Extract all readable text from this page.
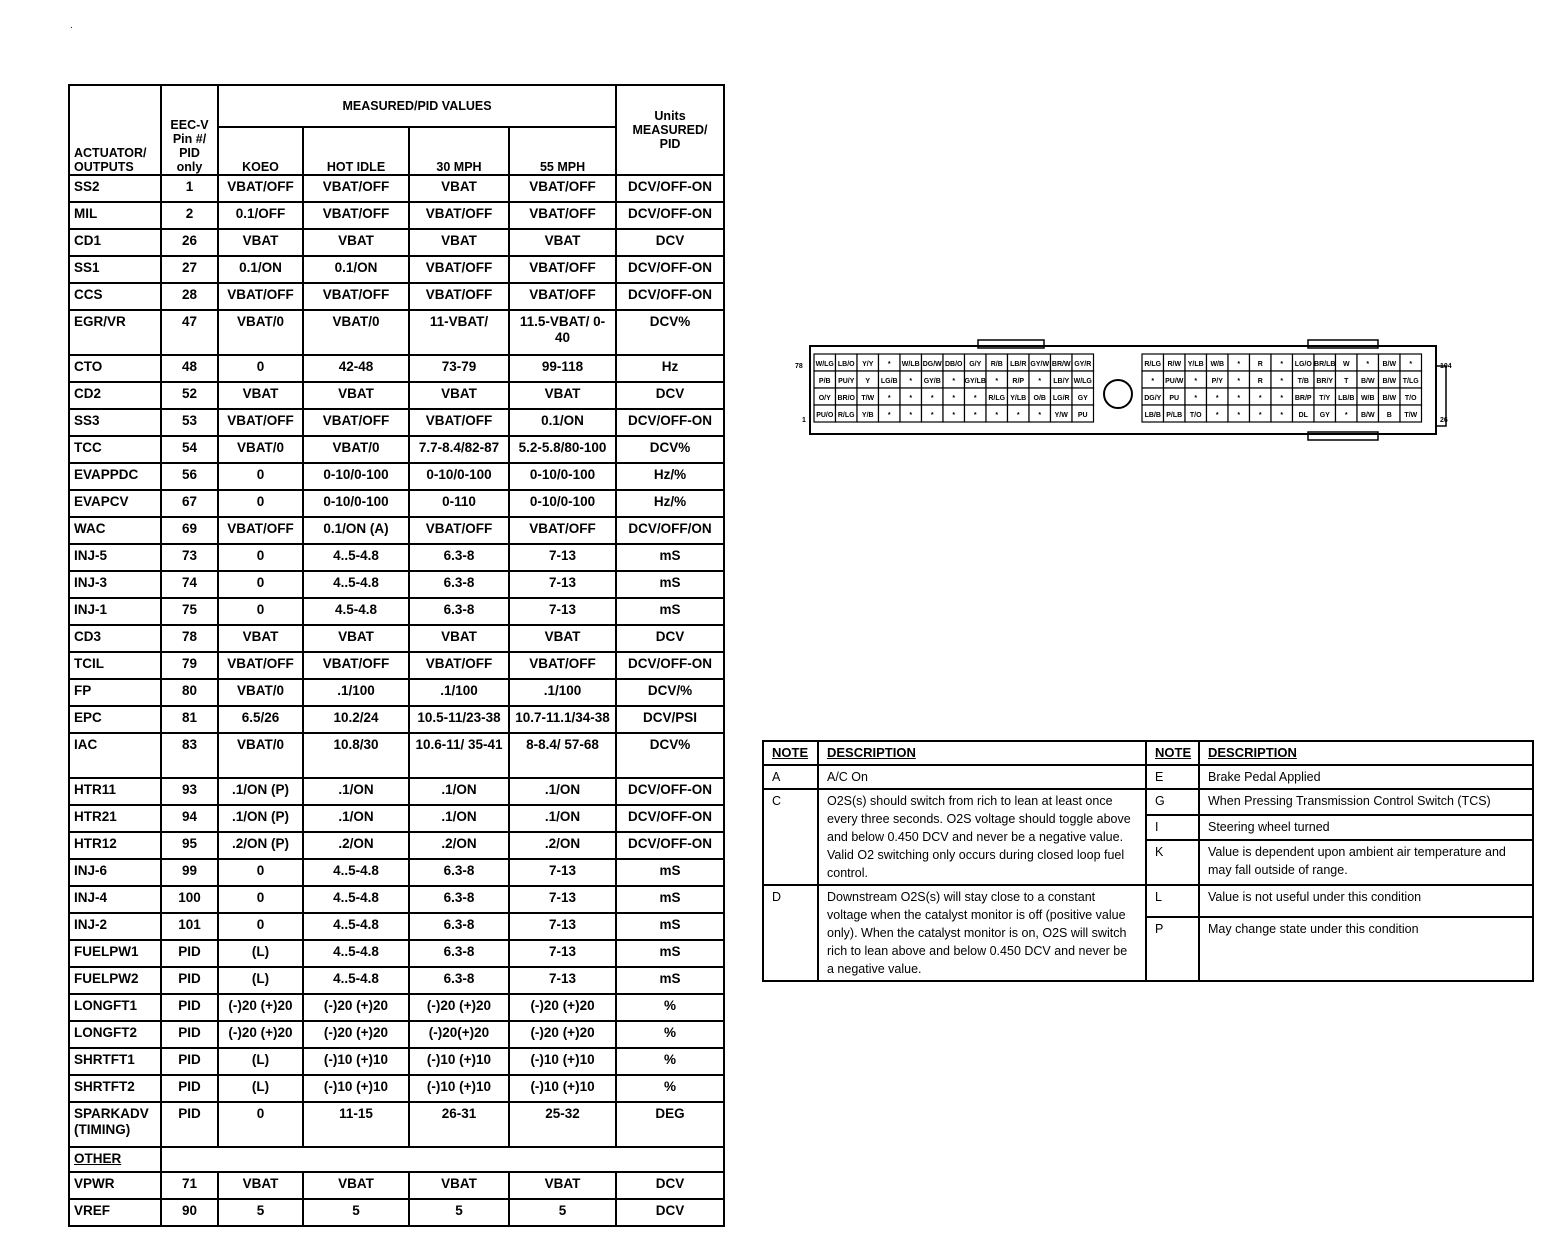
.
ACTUATOR/ OUTPUTS	EEC-V Pin #/ PID only	MEASURED/PID VALUES				Units MEASURED/ PID
		KOEO	HOT IDLE	30 MPH	55 MPH	
SS2	1	VBAT/OFF	VBAT/OFF	VBAT	VBAT/OFF	DCV/OFF-ON
MIL	2	0.1/OFF	VBAT/OFF	VBAT/OFF	VBAT/OFF	DCV/OFF-ON
CD1	26	VBAT	VBAT	VBAT	VBAT	DCV
SS1	27	0.1/ON	0.1/ON	VBAT/OFF	VBAT/OFF	DCV/OFF-ON
CCS	28	VBAT/OFF	VBAT/OFF	VBAT/OFF	VBAT/OFF	DCV/OFF-ON
EGR/VR	47	VBAT/0	VBAT/0	11-VBAT/	11.5-VBAT/ 0-40	DCV%
CTO	48	0	42-48	73-79	99-118	Hz
CD2	52	VBAT	VBAT	VBAT	VBAT	DCV
SS3	53	VBAT/OFF	VBAT/OFF	VBAT/OFF	0.1/ON	DCV/OFF-ON
TCC	54	VBAT/0	VBAT/0	7.7-8.4/82-87	5.2-5.8/80-100	DCV%
EVAPPDC	56	0	0-10/0-100	0-10/0-100	0-10/0-100	Hz/%
EVAPCV	67	0	0-10/0-100	0-110	0-10/0-100	Hz/%
WAC	69	VBAT/OFF	0.1/ON (A)	VBAT/OFF	VBAT/OFF	DCV/OFF/ON
INJ-5	73	0	4..5-4.8	6.3-8	7-13	mS
INJ-3	74	0	4..5-4.8	6.3-8	7-13	mS
INJ-1	75	0	4.5-4.8	6.3-8	7-13	mS
CD3	78	VBAT	VBAT	VBAT	VBAT	DCV
TCIL	79	VBAT/OFF	VBAT/OFF	VBAT/OFF	VBAT/OFF	DCV/OFF-ON
FP	80	VBAT/0	.1/100	.1/100	.1/100	DCV/%
EPC	81	6.5/26	10.2/24	10.5-11/23-38	10.7-11.1/34-38	DCV/PSI
IAC	83	VBAT/0	10.8/30	10.6-11/ 35-41	8-8.4/ 57-68	DCV%
HTR11	93	.1/ON (P)	.1/ON	.1/ON	.1/ON	DCV/OFF-ON
HTR21	94	.1/ON (P)	.1/ON	.1/ON	.1/ON	DCV/OFF-ON
HTR12	95	.2/ON (P)	.2/ON	.2/ON	.2/ON	DCV/OFF-ON
INJ-6	99	0	4..5-4.8	6.3-8	7-13	mS
INJ-4	100	0	4..5-4.8	6.3-8	7-13	mS
INJ-2	101	0	4..5-4.8	6.3-8	7-13	mS
FUELPW1	PID	(L)	4..5-4.8	6.3-8	7-13	mS
FUELPW2	PID	(L)	4..5-4.8	6.3-8	7-13	mS
LONGFT1	PID	(-)20 (+)20	(-)20 (+)20	(-)20 (+)20	(-)20 (+)20	%
LONGFT2	PID	(-)20 (+)20	(-)20 (+)20	(-)20(+)20	(-)20 (+)20	%
SHRTFT1	PID	(L)	(-)10 (+)10	(-)10 (+)10	(-)10 (+)10	%
SHRTFT2	PID	(L)	(-)10 (+)10	(-)10 (+)10	(-)10 (+)10	%
SPARKADV (TIMING)	PID	0	11-15	26-31	25-32	DEG
OTHER						
VPWR	71	VBAT	VBAT	VBAT	VBAT	DCV
VREF	90	5	5	5	5	DCV
W/LG LB/O Y/Y * W/LB DG/W DB/O G/Y R/B LB/R GY/W BR/W GY/R
P/B PU/Y Y LG/B * GY/B * GY/LB * R/P * LB/Y W/LG
O/Y BR/O T/W *	*	*	*	* R/LG Y/LB O/B LG/R GY
PU/O R/LG Y/B *	*	*	*	*	*	*	* Y/W PU
R/LG R/W Y/LB W/B *	R	* LG/O BR/LB W * B/W *
* PU/W * P/Y *	R	* T/B BR/Y T B/W B/W T/LG
DG/Y PU *	*	*	*	* BR/P T/Y LB/B W/B B/W T/O
LB/B P/LB T/O *	*	*	* DL GY * B/W B T/W
78
1
104
26
NOTE	DESCRIPTION	NOTE	DESCRIPTION
A	A/C On	E	Brake Pedal Applied
C	O2S(s) should switch from rich to lean at least once every three seconds. O2S voltage should toggle above and below 0.450 DCV and never be a negative value. Valid O2 switching only occurs during closed loop fuel control.	G	When Pressing Transmission Control Switch (TCS)
		I	Steering wheel turned
		K	Value is dependent upon ambient air temperature and may fall outside of range.
D	Downstream O2S(s) will stay close to a constant voltage when the catalyst monitor is off (positive value only). When the catalyst monitor is on, O2S will switch rich to lean above and below 0.450 DCV and never be a negative value.	L	Value is not useful under this condition
		P	May change state under this condition
